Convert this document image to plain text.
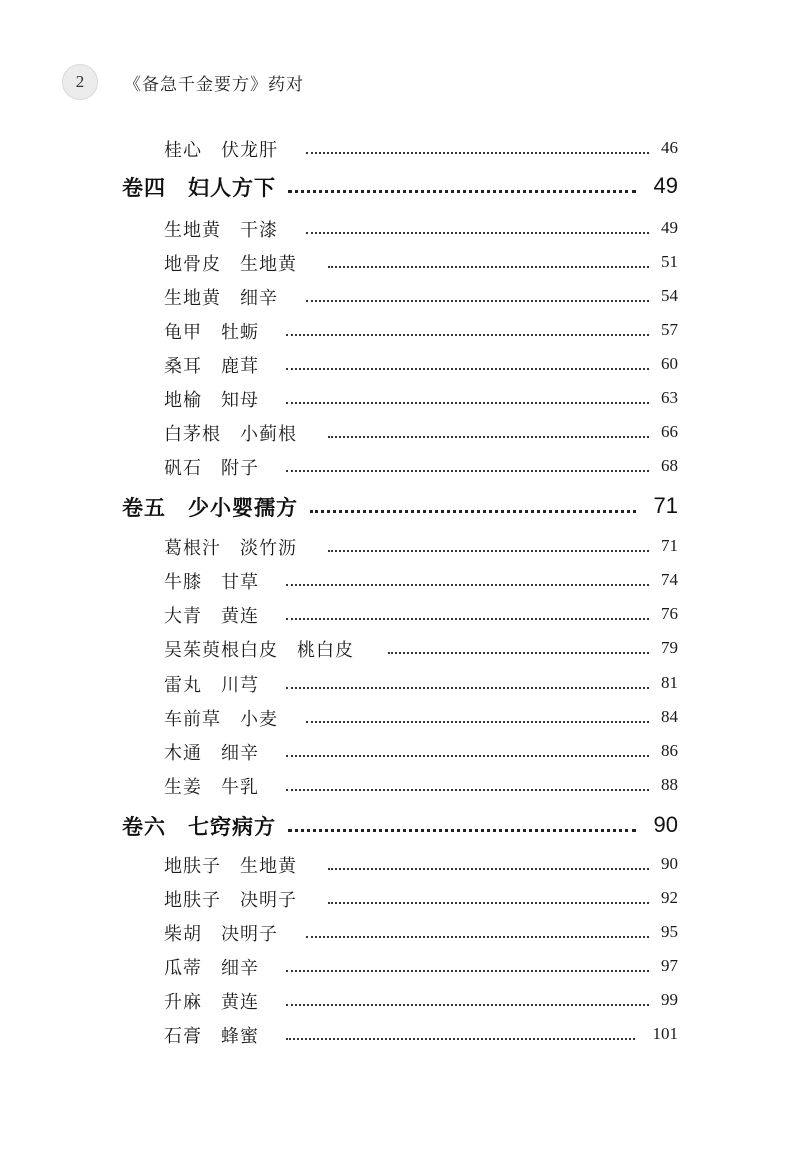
2	《备急千金要方》药对
桂心　伏龙肝	46
卷四　妇人方下	49
生地黄　干漆	49
地骨皮　生地黄	51
生地黄　细辛	54
龟甲　牡蛎	57
桑耳　鹿茸	60
地榆　知母	63
白茅根　小蓟根	66
矾石　附子	68
卷五　少小婴孺方	71
葛根汁　淡竹沥	71
牛膝　甘草	74
大青　黄连	76
吴茱萸根白皮　桃白皮	79
雷丸　川芎	81
车前草　小麦	84
木通　细辛	86
生姜　牛乳	88
卷六　七窍病方	90
地肤子　生地黄	90
地肤子　决明子	92
柴胡　决明子	95
瓜蒂　细辛	97
升麻　黄连	99
石膏　蜂蜜	101
